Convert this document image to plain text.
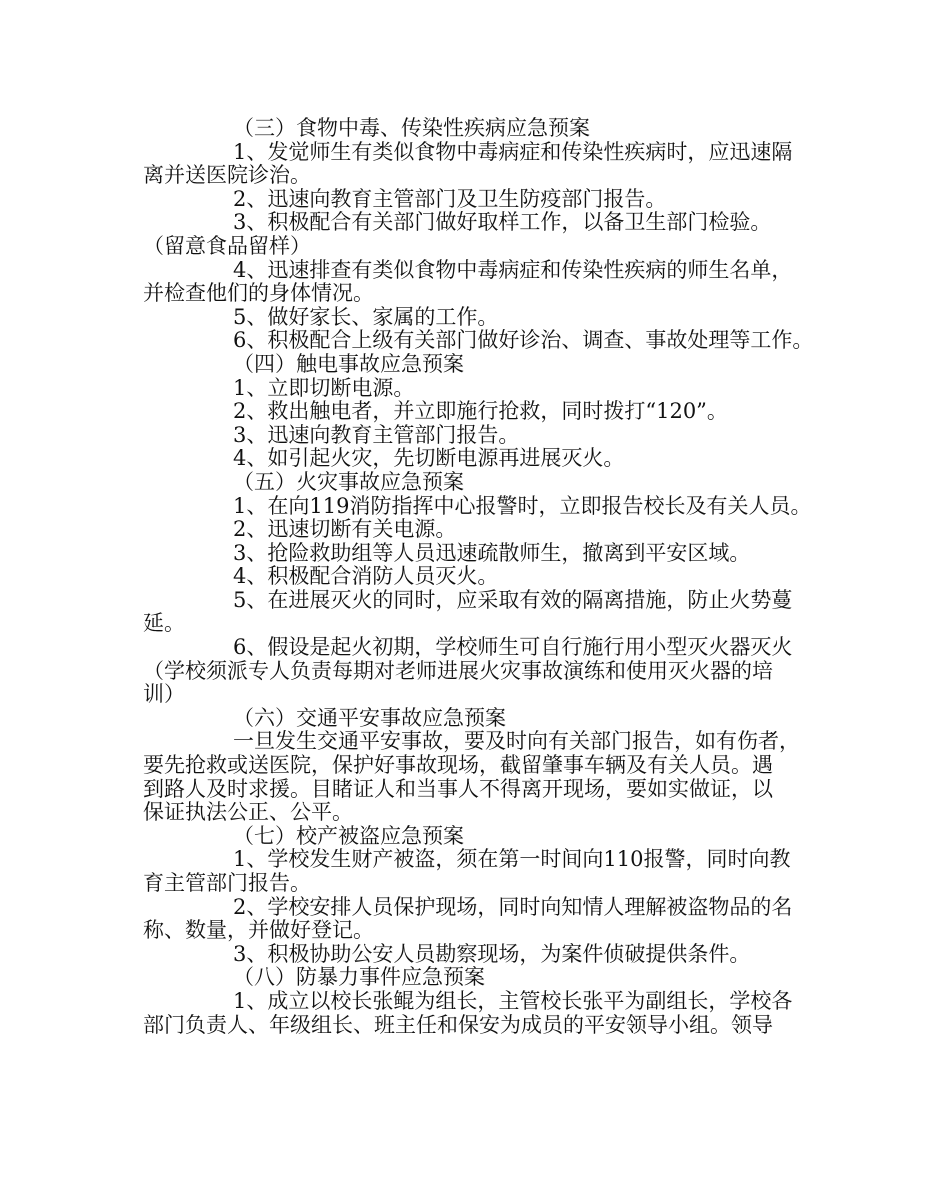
（三）食物中毒、传染性疾病应急预案
1、发觉师生有类似食物中毒病症和传染性疾病时，应迅速隔
离并送医院诊治。
2、迅速向教育主管部门及卫生防疫部门报告。
3、积极配合有关部门做好取样工作，以备卫生部门检验。
（留意食品留样）
4、迅速排查有类似食物中毒病症和传染性疾病的师生名单，
并检查他们的身体情况。
5、做好家长、家属的工作。
6、积极配合上级有关部门做好诊治、调查、事故处理等工作。
（四）触电事故应急预案
1、立即切断电源。
2、救出触电者，并立即施行抢救，同时拨打“120”。
3、迅速向教育主管部门报告。
4、如引起火灾，先切断电源再进展灭火。
（五）火灾事故应急预案
1、在向119消防指挥中心报警时，立即报告校长及有关人员。
2、迅速切断有关电源。
3、抢险救助组等人员迅速疏散师生，撤离到平安区域。
4、积极配合消防人员灭火。
5、在进展灭火的同时，应采取有效的隔离措施，防止火势蔓
延。
6、假设是起火初期，学校师生可自行施行用小型灭火器灭火
（学校须派专人负责每期对老师进展火灾事故演练和使用灭火器的培
训）
（六）交通平安事故应急预案
一旦发生交通平安事故，要及时向有关部门报告，如有伤者，
要先抢救或送医院，保护好事故现场，截留肇事车辆及有关人员。遇
到路人及时求援。目睹证人和当事人不得离开现场，要如实做证，以
保证执法公正、公平。
（七）校产被盗应急预案
1、学校发生财产被盗，须在第一时间向110报警，同时向教
育主管部门报告。
2、学校安排人员保护现场，同时向知情人理解被盗物品的名
称、数量，并做好登记。
3、积极协助公安人员勘察现场，为案件侦破提供条件。
（八）防暴力事件应急预案
1、成立以校长张鲲为组长，主管校长张平为副组长，学校各
部门负责人、年级组长、班主任和保安为成员的平安领导小组。领导
